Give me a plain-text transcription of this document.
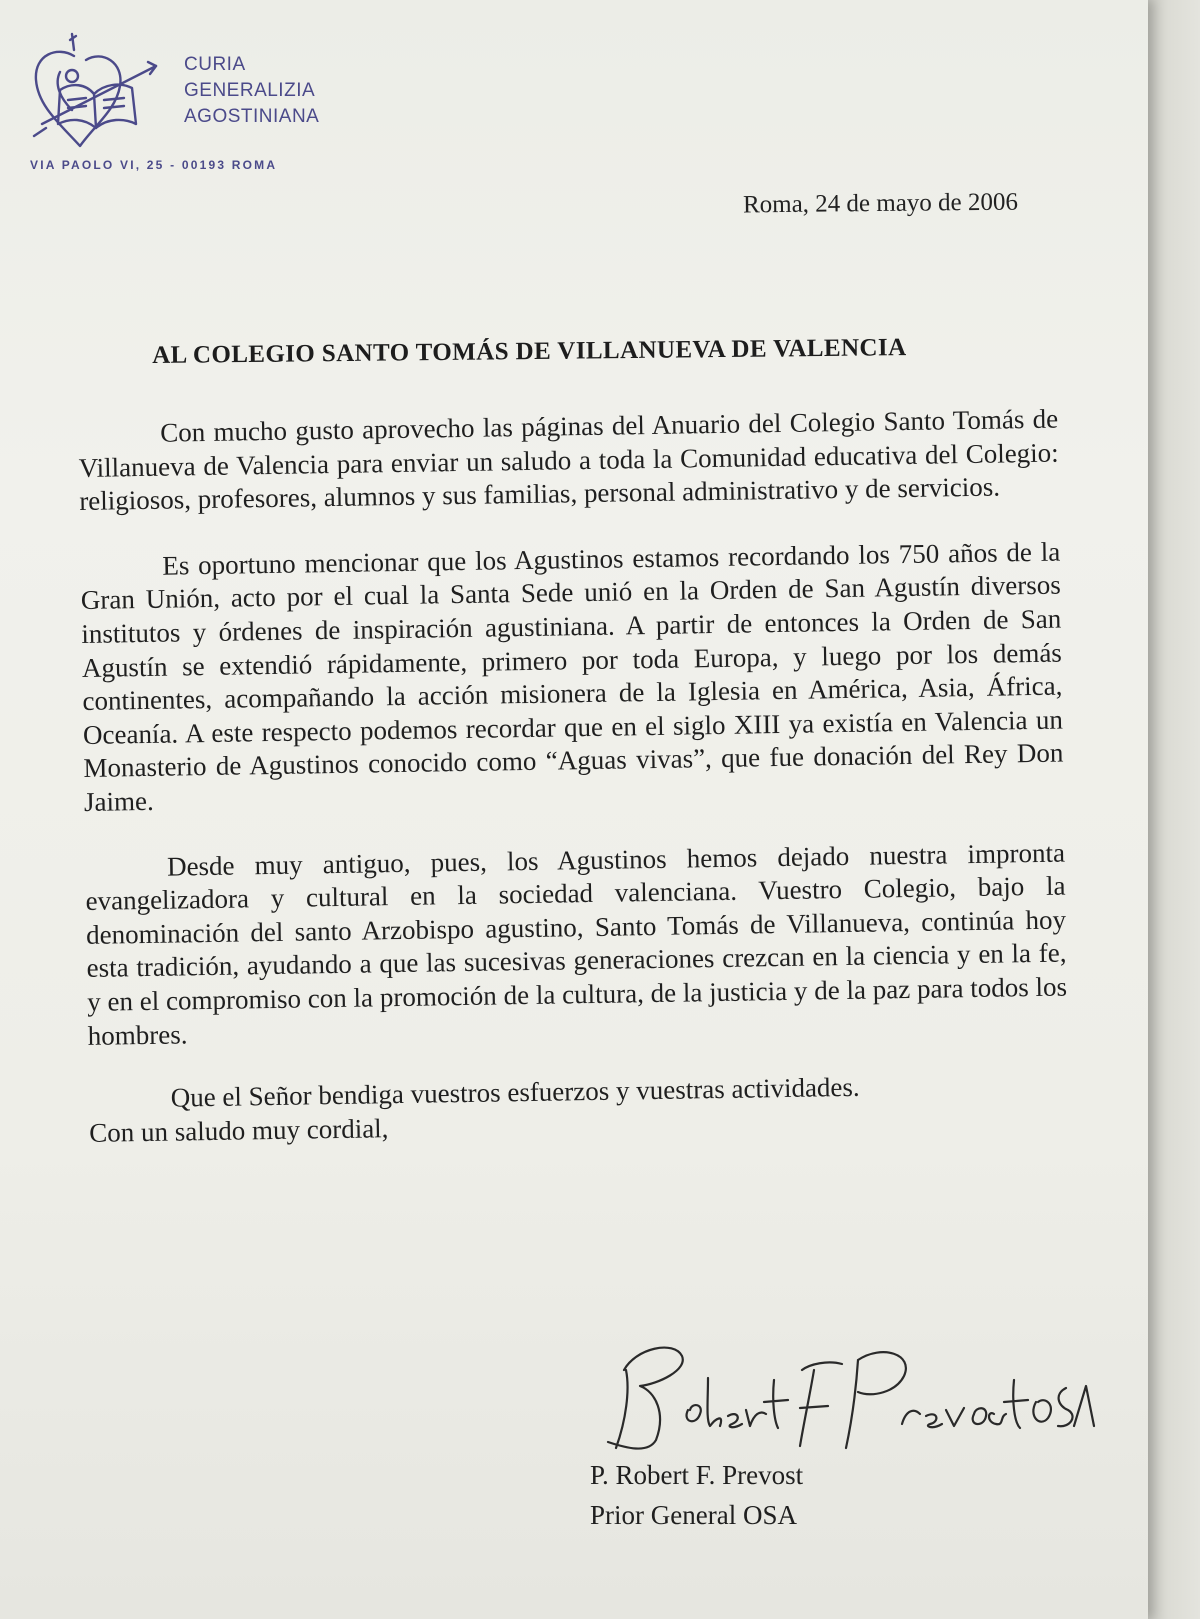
CURIA
GENERALIZIA
AGOSTINIANA
VIA PAOLO VI, 25 - 00193 ROMA
Roma, 24 de mayo de 2006
AL COLEGIO SANTO TOMÁS DE VILLANUEVA DE VALENCIA

Con mucho gusto aprovecho las páginas del Anuario del Colegio Santo Tomás de Villanueva de Valencia para enviar un saludo a toda la Comunidad educativa del Colegio: religiosos, profesores, alumnos y sus familias, personal administrativo y de servicios.

Es oportuno mencionar que los Agustinos estamos recordando los 750 años de la Gran Unión, acto por el cual la Santa Sede unió en la Orden de San Agustín diversos institutos y órdenes de inspiración agustiniana. A partir de entonces la Orden de San Agustín se extendió rápidamente, primero por toda Europa, y luego por los demás continentes, acompañando la acción misionera de la Iglesia en América, Asia, África, Oceanía. A este respecto podemos recordar que en el siglo XIII ya existía en Valencia un Monasterio de Agustinos conocido como “Aguas vivas”, que fue donación del Rey Don Jaime.

Desde muy antiguo, pues, los Agustinos hemos dejado nuestra impronta evangelizadora y cultural en la sociedad valenciana. Vuestro Colegio, bajo la denominación del santo Arzobispo agustino, Santo Tomás de Villanueva, continúa hoy esta tradición, ayudando a que las sucesivas generaciones crezcan en la ciencia y en la fe, y en el compromiso con la promoción de la cultura, de la justicia y de la paz para todos los hombres.

Que el Señor bendiga vuestros esfuerzos y vuestras actividades.
Con un saludo muy cordial,
P. Robert F. Prevost
Prior General OSA
